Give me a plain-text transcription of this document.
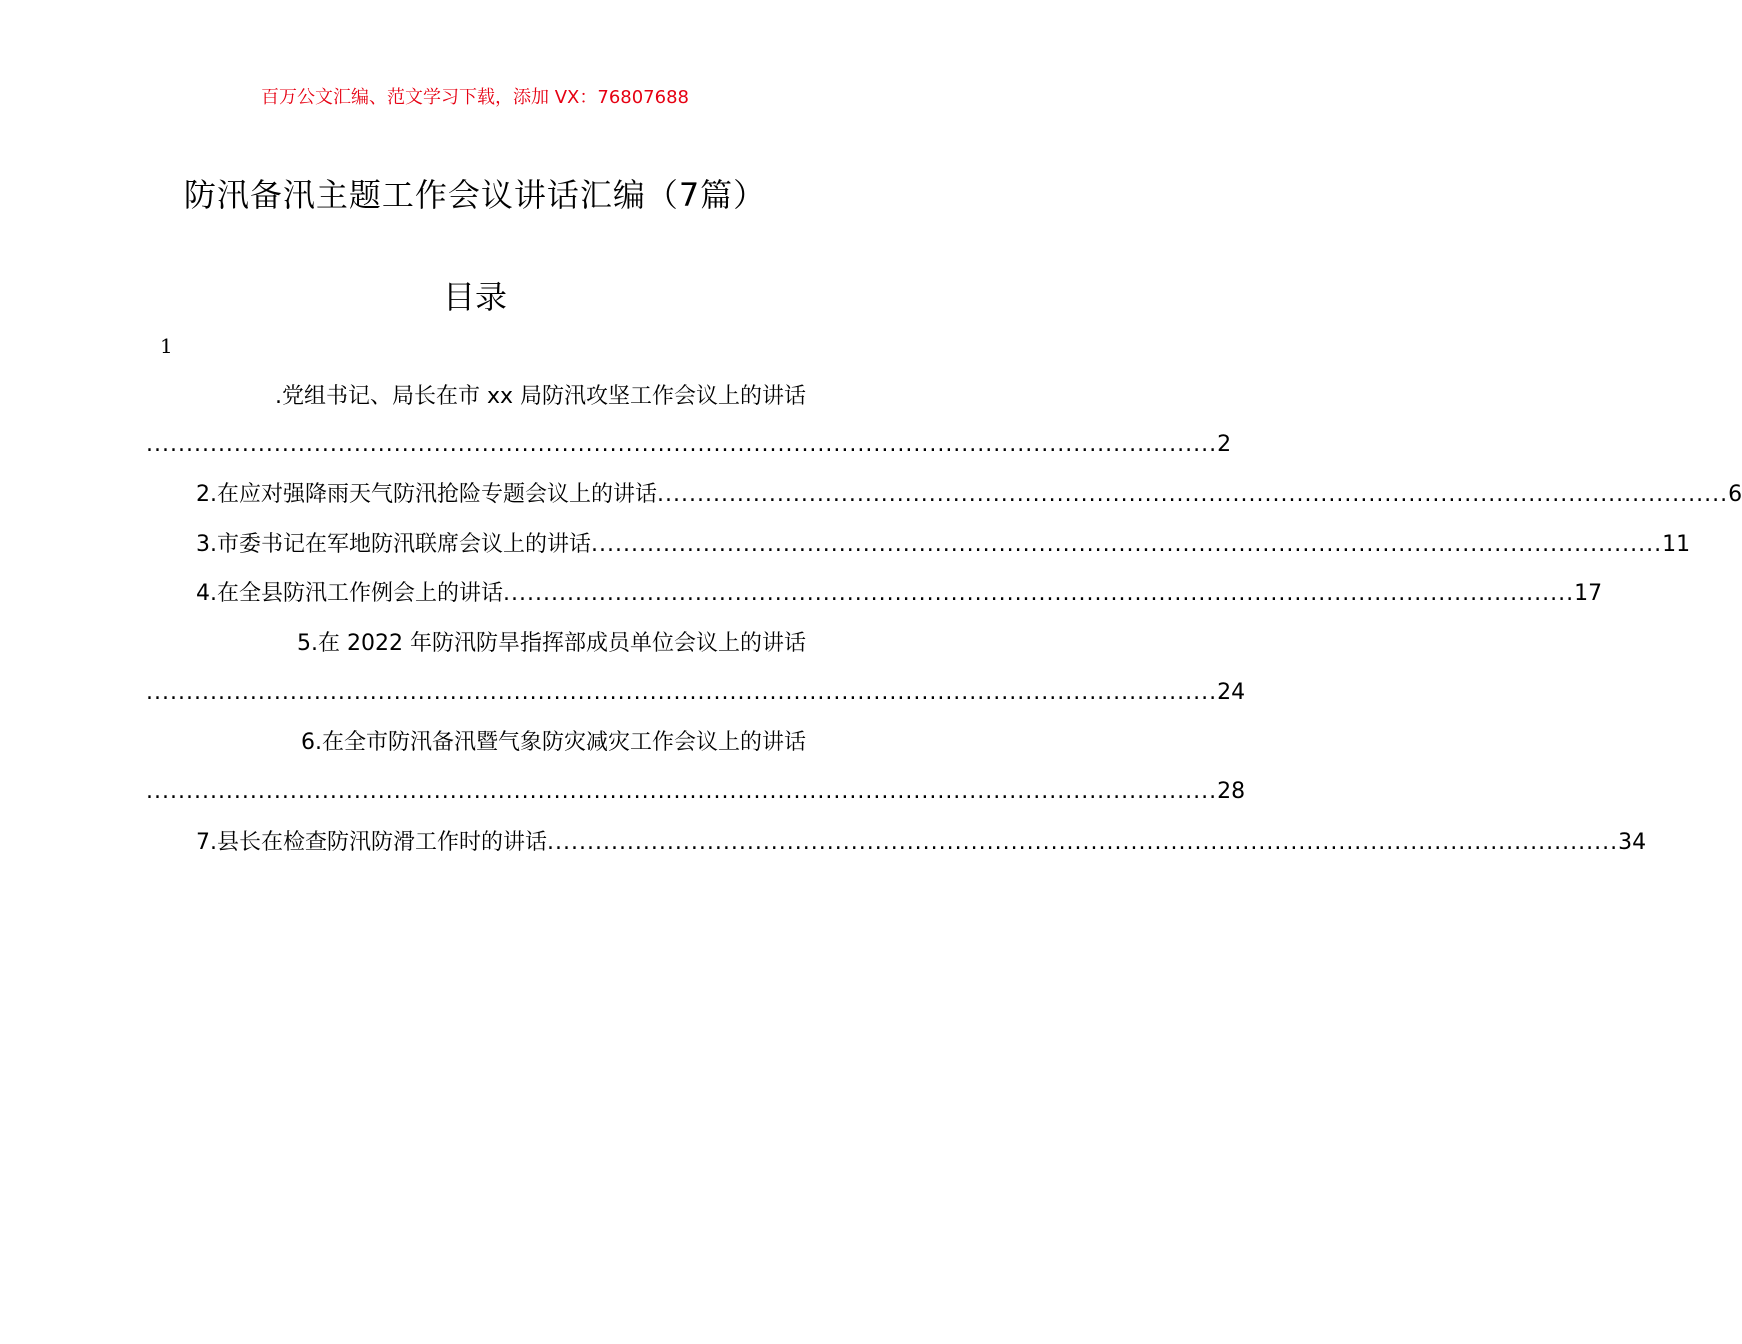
百万公文汇编、范文学习下载，添加 VX：76807688
防汛备汛主题工作会议讲话汇编（7篇）
目录
1
.党组书记、局长在市 xx 局防汛攻坚工作会议上的讲话
...................................................................................................................................... 2
2.在应对强降雨天气防汛抢险专题会议上的讲话 ...................................................................................................................................... 6
3.市委书记在军地防汛联席会议上的讲话 ...................................................................................................................................... 11
4.在全县防汛工作例会上的讲话 ...................................................................................................................................... 17
5.在 2022 年防汛防旱指挥部成员单位会议上的讲话
...................................................................................................................................... 24
6.在全市防汛备汛暨气象防灾减灾工作会议上的讲话
...................................................................................................................................... 28
7.县长在检查防汛防滑工作时的讲话 ...................................................................................................................................... 34
